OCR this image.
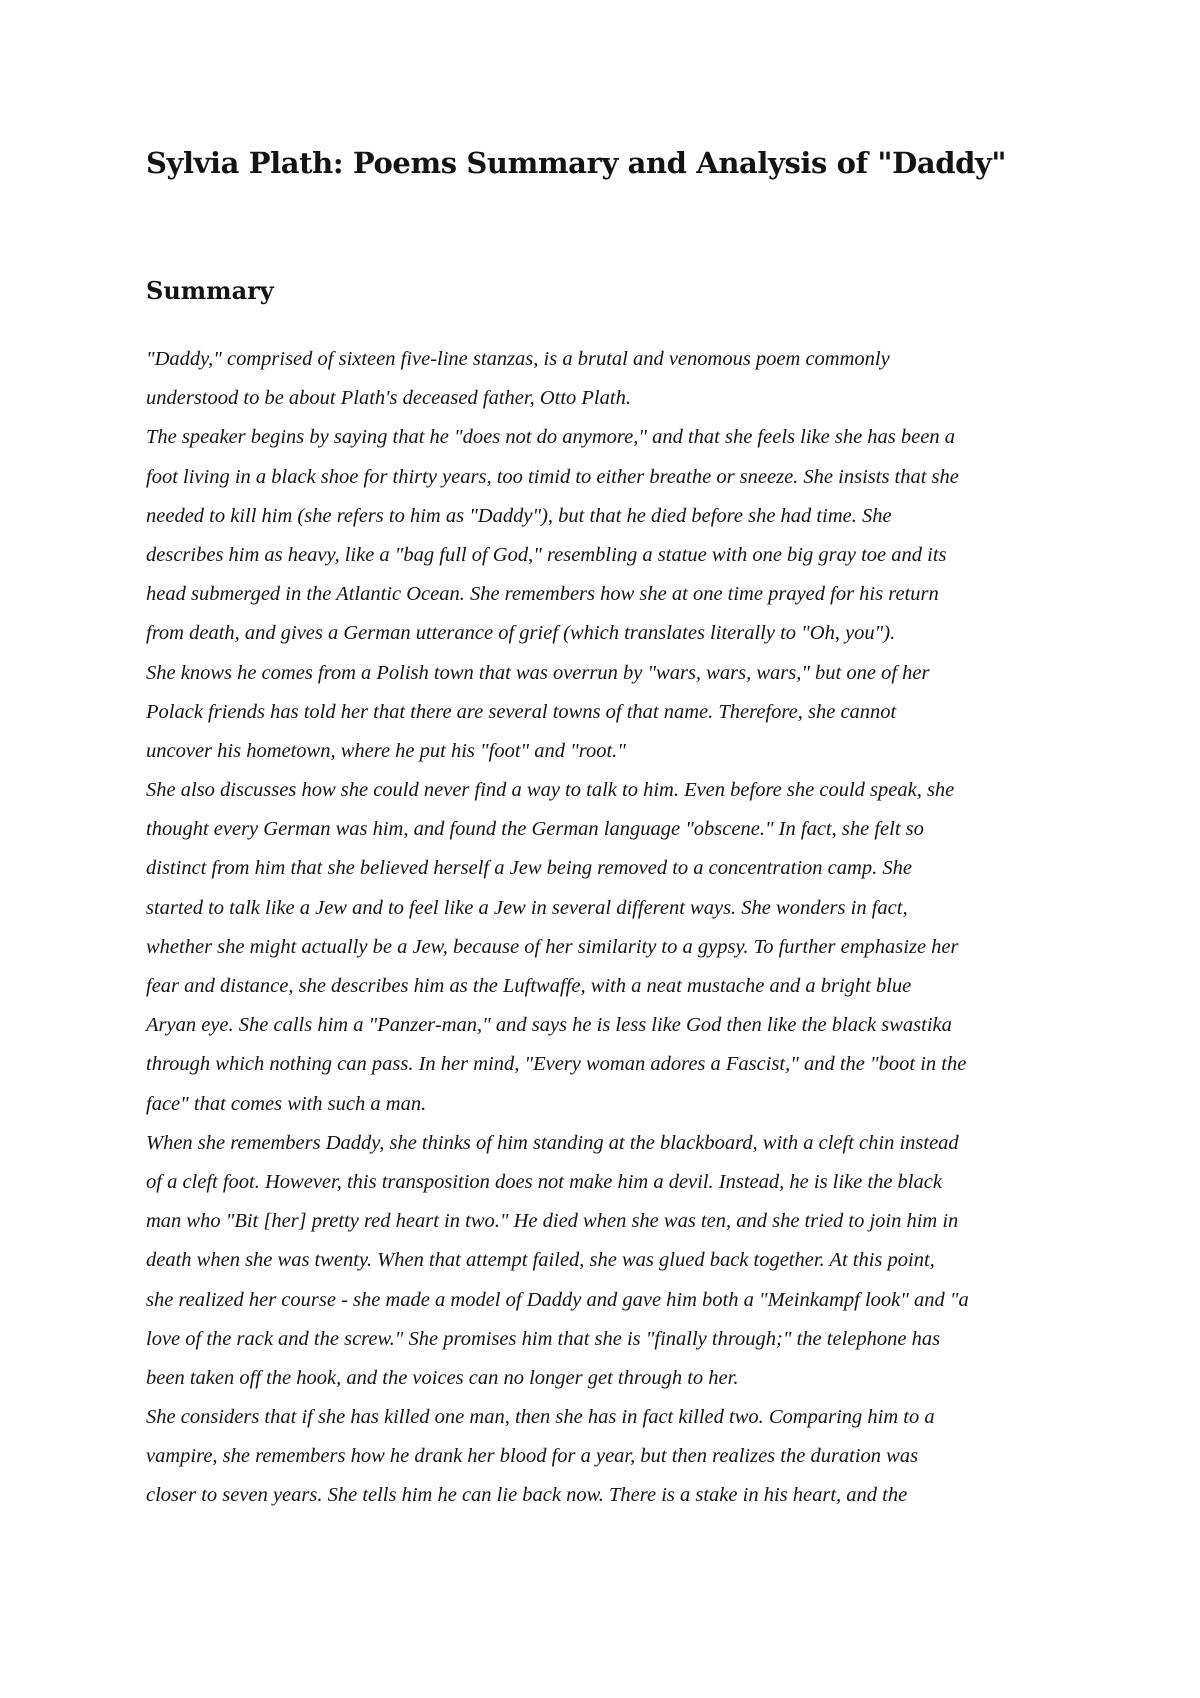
Sylvia Plath: Poems Summary and Analysis of "Daddy"
Summary
"Daddy," comprised of sixteen five-line stanzas, is a brutal and venomous poem commonly
understood to be about Plath's deceased father, Otto Plath.
The speaker begins by saying that he "does not do anymore," and that she feels like she has been a
foot living in a black shoe for thirty years, too timid to either breathe or sneeze. She insists that she
needed to kill him (she refers to him as "Daddy"), but that he died before she had time. She
describes him as heavy, like a "bag full of God," resembling a statue with one big gray toe and its
head submerged in the Atlantic Ocean. She remembers how she at one time prayed for his return
from death, and gives a German utterance of grief (which translates literally to "Oh, you").
She knows he comes from a Polish town that was overrun by "wars, wars, wars," but one of her
Polack friends has told her that there are several towns of that name. Therefore, she cannot
uncover his hometown, where he put his "foot" and "root."
She also discusses how she could never find a way to talk to him. Even before she could speak, she
thought every German was him, and found the German language "obscene." In fact, she felt so
distinct from him that she believed herself a Jew being removed to a concentration camp. She
started to talk like a Jew and to feel like a Jew in several different ways. She wonders in fact,
whether she might actually be a Jew, because of her similarity to a gypsy. To further emphasize her
fear and distance, she describes him as the Luftwaffe, with a neat mustache and a bright blue
Aryan eye. She calls him a "Panzer-man," and says he is less like God then like the black swastika
through which nothing can pass. In her mind, "Every woman adores a Fascist," and the "boot in the
face" that comes with such a man.
When she remembers Daddy, she thinks of him standing at the blackboard, with a cleft chin instead
of a cleft foot. However, this transposition does not make him a devil. Instead, he is like the black
man who "Bit [her] pretty red heart in two." He died when she was ten, and she tried to join him in
death when she was twenty. When that attempt failed, she was glued back together. At this point,
she realized her course - she made a model of Daddy and gave him both a "Meinkampf look" and "a
love of the rack and the screw." She promises him that she is "finally through;" the telephone has
been taken off the hook, and the voices can no longer get through to her.
She considers that if she has killed one man, then she has in fact killed two. Comparing him to a
vampire, she remembers how he drank her blood for a year, but then realizes the duration was
closer to seven years. She tells him he can lie back now. There is a stake in his heart, and the
